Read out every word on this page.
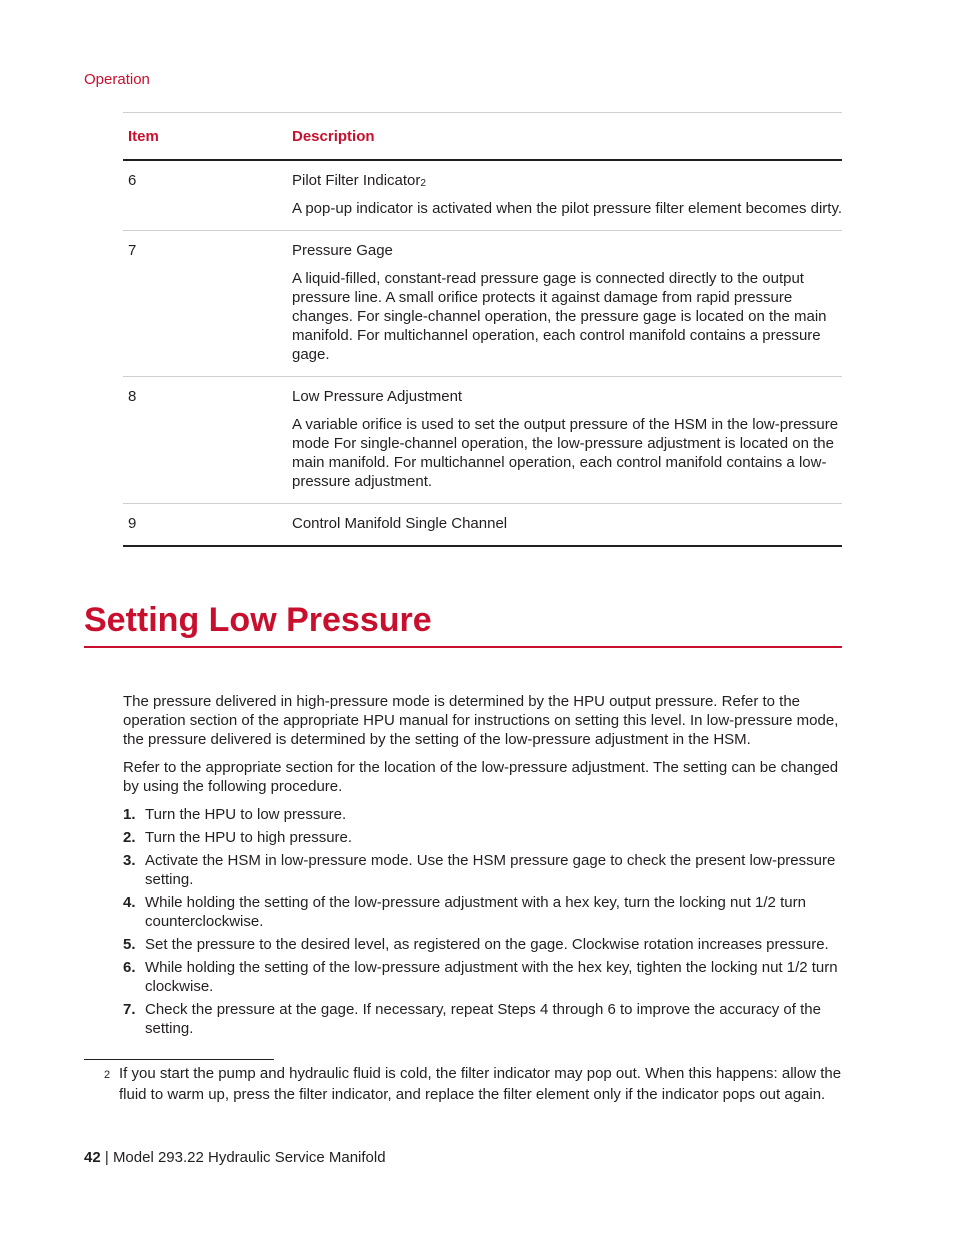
Operation
Item	Description
6	Pilot Filter Indicator$^2$

A pop-up indicator is activated when the pilot pressure filter element becomes dirty.

7	Pressure Gage

A liquid-filled, constant-read pressure gage is connected directly to the output pressure line. A small orifice protects it against damage from rapid pressure changes. For single-channel operation, the pressure gage is located on the main manifold. For multichannel operation, each control manifold contains a pressure gage.

8	Low Pressure Adjustment

A variable orifice is used to set the output pressure of the HSM in the low-pressure mode For single-channel operation, the low-pressure adjustment is located on the main manifold. For multichannel operation, each control manifold contains a low-pressure adjustment.

9	Control Manifold Single Channel

Setting Low Pressure

The pressure delivered in high-pressure mode is determined by the HPU output pressure. Refer to the operation section of the appropriate HPU manual for instructions on setting this level. In low-pressure mode, the pressure delivered is determined by the setting of the low-pressure adjustment in the HSM.

Refer to the appropriate section for the location of the low-pressure adjustment. The setting can be changed by using the following procedure.

1. Turn the HPU to low pressure.
2. Turn the HPU to high pressure.
3. Activate the HSM in low-pressure mode. Use the HSM pressure gage to check the present low-pressure setting.
4. While holding the setting of the low-pressure adjustment with a hex key, turn the locking nut 1/2 turn counterclockwise.
5. Set the pressure to the desired level, as registered on the gage. Clockwise rotation increases pressure.
6. While holding the setting of the low-pressure adjustment with the hex key, tighten the locking nut 1/2 turn clockwise.
7. Check the pressure at the gage. If necessary, repeat Steps 4 through 6 to improve the accuracy of the setting.
2 If you start the pump and hydraulic fluid is cold, the filter indicator may pop out. When this happens: allow the fluid to warm up, press the filter indicator, and replace the filter element only if the indicator pops out again.
42 | Model 293.22 Hydraulic Service Manifold
